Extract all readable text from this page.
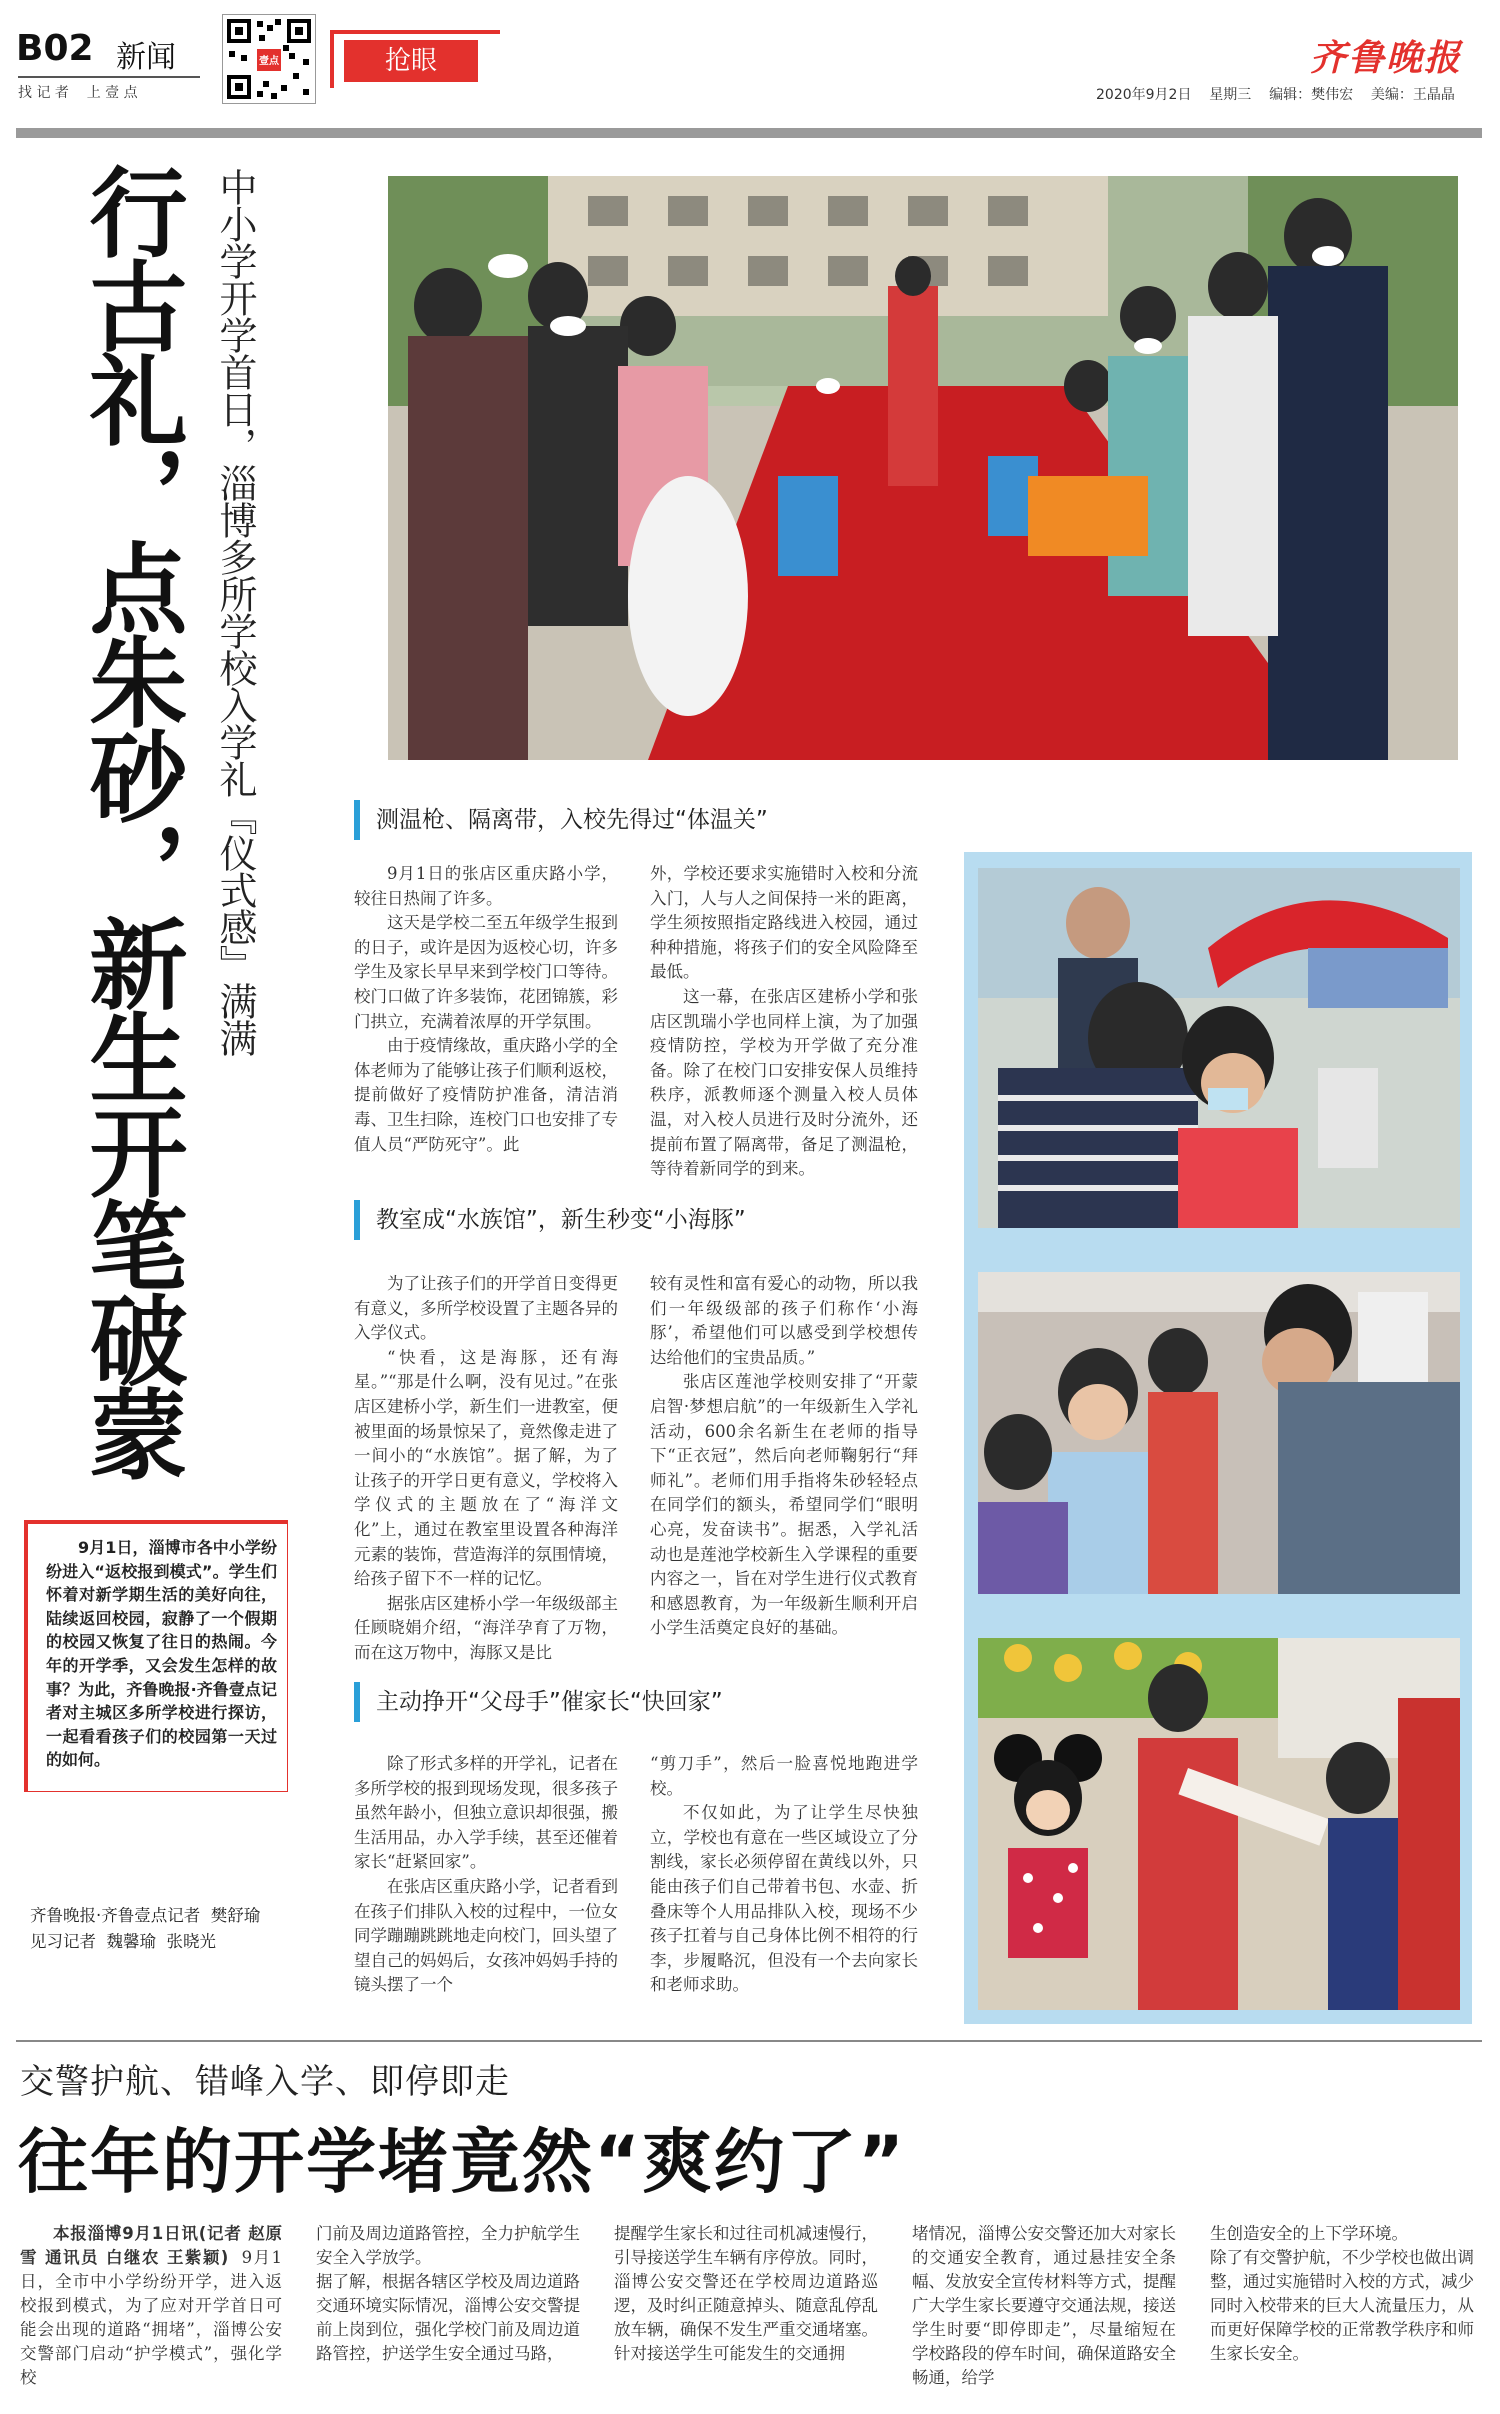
B02 新闻
找 记 者    上 壹 点
壹点	抢眼	齐鲁晚报
2020年9月2日 星期三 编辑：樊伟宏 美编：王晶晶
行古礼，点朱砂，新生开笔破蒙 中小学开学首日，淄博多所学校入学礼『仪式感』满满	测温枪、隔离带，入校先得过“体温关”

9月1日的张店区重庆路小学，较往日热闹了许多。

这天是学校二至五年级学生报到的日子，或许是因为返校心切，许多学生及家长早早来到学校门口等待。校门口做了许多装饰，花团锦簇，彩门拱立，充满着浓厚的开学氛围。

由于疫情缘故，重庆路小学的全体老师为了能够让孩子们顺利返校，提前做好了疫情防护准备，清洁消毒、卫生扫除，连校门口也安排了专值人员“严防死守”。此

外，学校还要求实施错时入校和分流入门，人与人之间保持一米的距离，学生须按照指定路线进入校园，通过种种措施，将孩子们的安全风险降至最低。

这一幕，在张店区建桥小学和张店区凯瑞小学也同样上演，为了加强疫情防控，学校为开学做了充分准备。除了在校门口安排安保人员维持秩序，派教师逐个测量入校人员体温，对入校人员进行及时分流外，还提前布置了隔离带，备足了测温枪，等待着新同学的到来。

教室成“水族馆”，新生秒变“小海豚”

为了让孩子们的开学首日变得更有意义，多所学校设置了主题各异的入学仪式。

“快看，这是海豚，还有海星。”“那是什么啊，没有见过。”在张店区建桥小学，新生们一进教室，便被里面的场景惊呆了，竟然像走进了一间小的“水族馆”。据了解，为了让孩子的开学日更有意义，学校将入学仪式的主题放在了“海洋文化”上，通过在教室里设置各种海洋元素的装饰，营造海洋的氛围情境，给孩子留下不一样的记忆。

据张店区建桥小学一年级级部主任顾晓娟介绍，“海洋孕育了万物，而在这万物中，海豚又是比

较有灵性和富有爱心的动物，所以我们一年级级部的孩子们称作‘小海豚’，希望他们可以感受到学校想传达给他们的宝贵品质。”

张店区莲池学校则安排了“开蒙启智·梦想启航”的一年级新生入学礼活动，600余名新生在老师的指导下“正衣冠”，然后向老师鞠躬行“拜师礼”。老师们用手指将朱砂轻轻点在同学们的额头，希望同学们“眼明心亮，发奋读书”。据悉，入学礼活动也是莲池学校新生入学课程的重要内容之一，旨在对学生进行仪式教育和感恩教育，为一年级新生顺利开启小学生活奠定良好的基础。

主动挣开“父母手”催家长“快回家”

除了形式多样的开学礼，记者在多所学校的报到现场发现，很多孩子虽然年龄小，但独立意识却很强，搬生活用品，办入学手续，甚至还催着家长“赶紧回家”。

在张店区重庆路小学，记者看到在孩子们排队入校的过程中，一位女同学蹦蹦跳跳地走向校门，回头望了望自己的妈妈后，女孩冲妈妈手持的镜头摆了一个

“剪刀手”，然后一脸喜悦地跑进学校。

不仅如此，为了让学生尽快独立，学校也有意在一些区域设立了分割线，家长必须停留在黄线以外，只能由孩子们自己带着书包、水壶、折叠床等个人用品排队入校，现场不少孩子扛着与自己身体比例不相符的行李，步履略沉，但没有一个去向家长和老师求助。

9月1日，淄博市各中小学纷纷进入“返校报到模式”。学生们怀着对新学期生活的美好向往，陆续返回校园，寂静了一个假期的校园又恢复了往日的热闹。今年的开学季，又会发生怎样的故事？为此，齐鲁晚报·齐鲁壹点记者对主城区多所学校进行探访，一起看看孩子们的校园第一天过的如何。

齐鲁晚报·齐鲁壹点记者  樊舒瑜
见习记者  魏馨瑜  张晓光
交警护航、错峰入学、即停即走
往年的开学堵竟然“爽约了”

本报淄博9月1日讯(记者 赵原雪 通讯员 白继农 王紫颖) 9月1日，全市中小学纷纷开学，进入返校报到模式，为了应对开学首日可能会出现的道路“拥堵”，淄博公安交警部门启动“护学模式”，强化学校

门前及周边道路管控，全力护航学生安全入学放学。
据了解，根据各辖区学校及周边道路交通环境实际情况，淄博公安交警提前上岗到位，强化学校门前及周边道路管控，护送学生安全通过马路，
提醒学生家长和过往司机减速慢行，引导接送学生车辆有序停放。同时，淄博公安交警还在学校周边道路巡逻，及时纠正随意掉头、随意乱停乱放车辆，确保不发生严重交通堵塞。针对接送学生可能发生的交通拥
堵情况，淄博公安交警还加大对家长的交通安全教育，通过悬挂安全条幅、发放安全宣传材料等方式，提醒广大学生家长要遵守交通法规，接送学生时要“即停即走”，尽量缩短在学校路段的停车时间，确保道路安全畅通，给学
生创造安全的上下学环境。
除了有交警护航，不少学校也做出调整，通过实施错时入校的方式，减少同时入校带来的巨大人流量压力，从而更好保障学校的正常教学秩序和师生家长安全。
